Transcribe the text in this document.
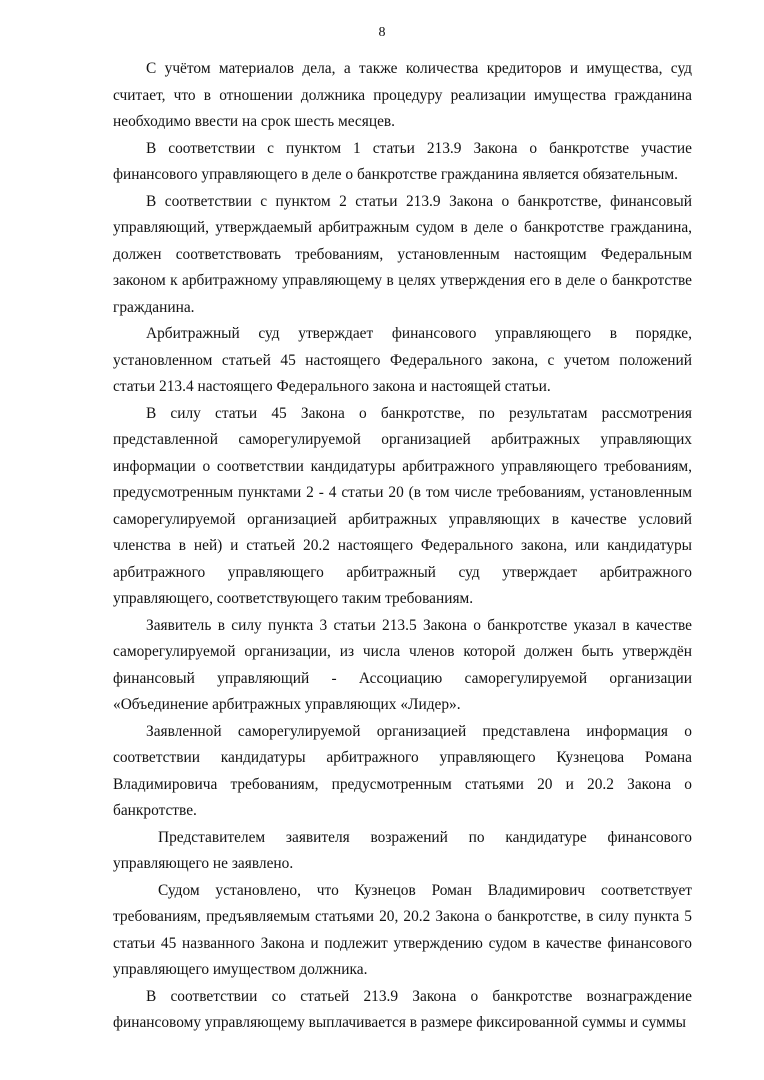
8

С учётом материалов дела, а также количества кредиторов и имущества, суд считает, что в отношении должника процедуру реализации имущества гражданина необходимо ввести на срок шесть месяцев.

В соответствии с пунктом 1 статьи 213.9 Закона о банкротстве участие финансового управляющего в деле о банкротстве гражданина является обязательным.

В соответствии с пунктом 2 статьи 213.9 Закона о банкротстве, финансовый управляющий, утверждаемый арбитражным судом в деле о банкротстве гражданина, должен соответствовать требованиям, установленным настоящим Федеральным законом к арбитражному управляющему в целях утверждения его в деле о банкротстве гражданина.

Арбитражный суд утверждает финансового управляющего в порядке, установленном статьей 45 настоящего Федерального закона, с учетом положений статьи 213.4 настоящего Федерального закона и настоящей статьи.

В силу статьи 45 Закона о банкротстве, по результатам рассмотрения представленной саморегулируемой организацией арбитражных управляющих информации о соответствии кандидатуры арбитражного управляющего требованиям, предусмотренным пунктами 2 - 4 статьи 20 (в том числе требованиям, установленным саморегулируемой организацией арбитражных управляющих в качестве условий членства в ней) и статьей 20.2 настоящего Федерального закона, или кандидатуры арбитражного управляющего арбитражный суд утверждает арбитражного управляющего, соответствующего таким требованиям.

Заявитель в силу пункта 3 статьи 213.5 Закона о банкротстве указал в качестве саморегулируемой организации, из числа членов которой должен быть утверждён финансовый управляющий - Ассоциацию саморегулируемой организации «Объединение арбитражных управляющих «Лидер».

Заявленной саморегулируемой организацией представлена информация о соответствии кандидатуры арбитражного управляющего Кузнецова Романа Владимировича требованиям, предусмотренным статьями 20 и 20.2 Закона о банкротстве.

Представителем заявителя возражений по кандидатуре финансового управляющего не заявлено.

Судом установлено, что Кузнецов Роман Владимирович соответствует требованиям, предъявляемым статьями 20, 20.2 Закона о банкротстве, в силу пункта 5 статьи 45 названного Закона и подлежит утверждению судом в качестве финансового управляющего имуществом должника.

В соответствии со статьей 213.9 Закона о банкротстве вознаграждение финансовому управляющему выплачивается в размере фиксированной суммы и суммы
